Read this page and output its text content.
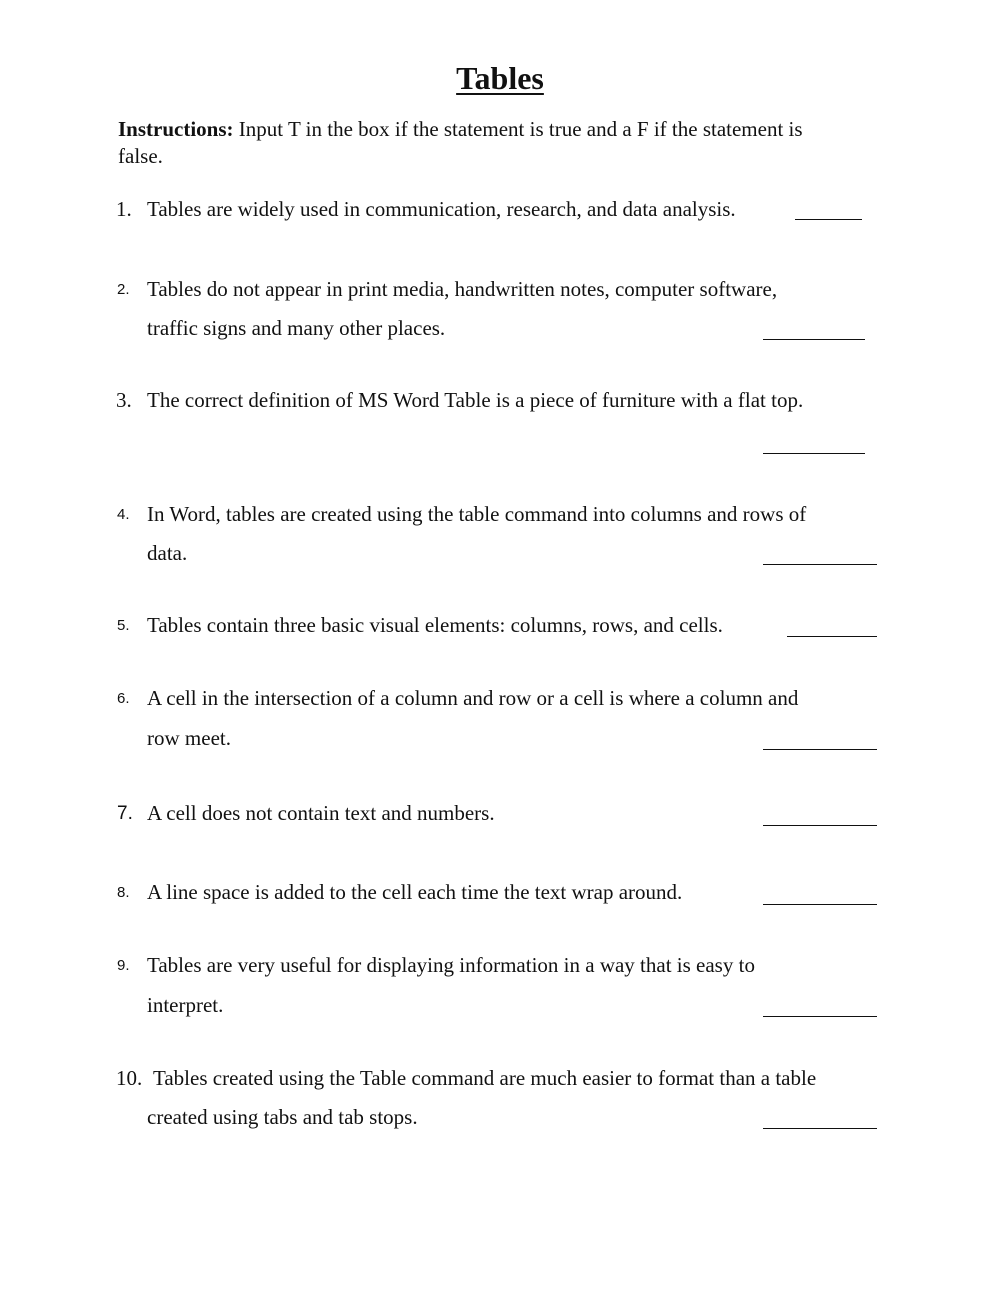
Tables
Instructions: Input T in the box if the statement is true and a F if the statement is
false.
1. Tables are widely used in communication, research, and data analysis.
2. Tables do not appear in print media, handwritten notes, computer software,
traffic signs and many other places.
3. The correct definition of MS Word Table is a piece of furniture with a flat top.
4. In Word, tables are created using the table command into columns and rows of
data.
5. Tables contain three basic visual elements: columns, rows, and cells.
6. A cell in the intersection of a column and row or a cell is where a column and
row meet.
7. A cell does not contain text and numbers.
8. A line space is added to the cell each time the text wrap around.
9. Tables are very useful for displaying information in a way that is easy to
interpret.
10. Tables created using the Table command are much easier to format than a table
created using tabs and tab stops.
